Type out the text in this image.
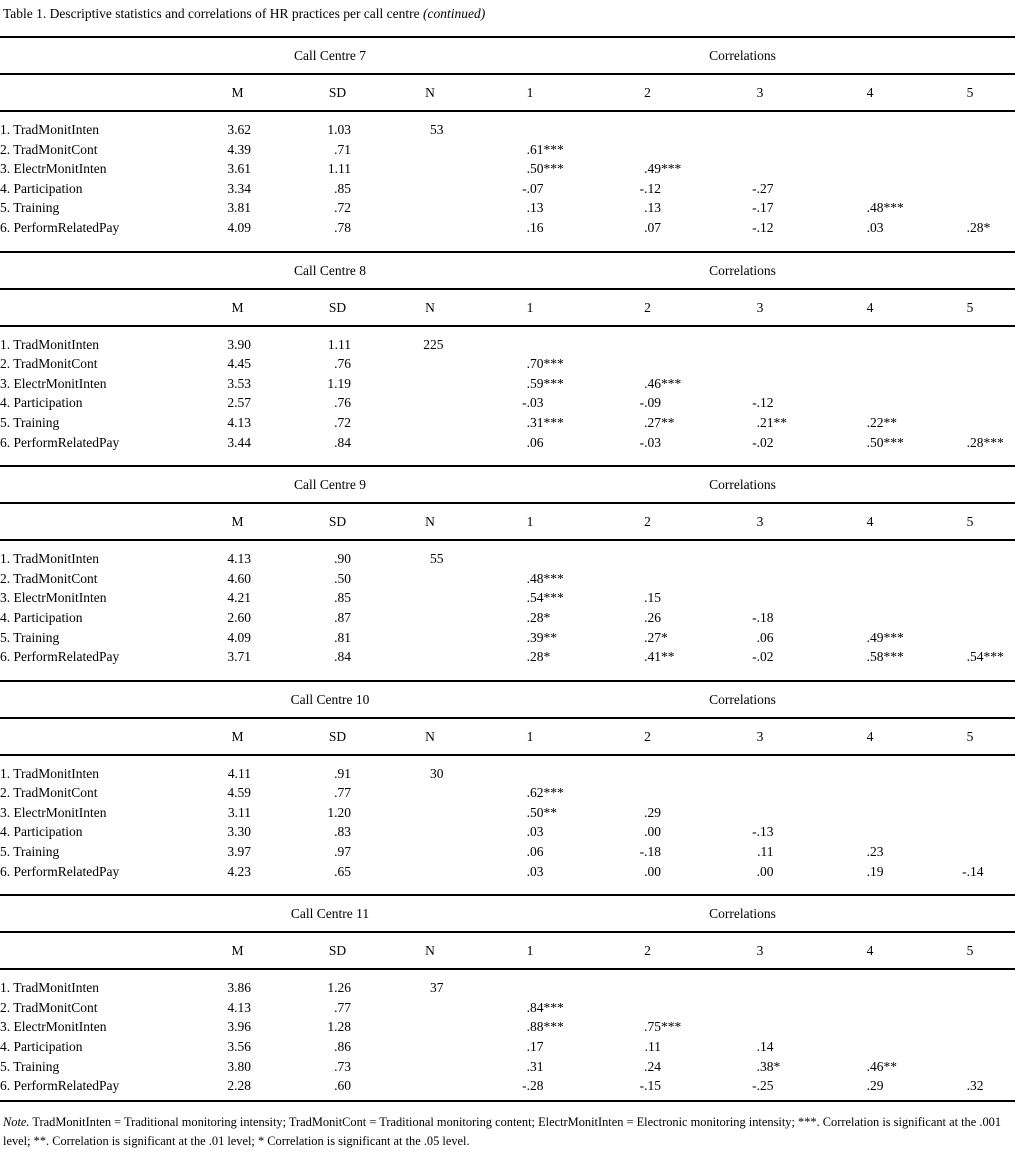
Table 1. Descriptive statistics and correlations of HR practices per call centre (continued)
	Call Centre 7			Correlations				
	M	SD	N	1	2	3	4	5
1. TradMonitInten	3.62	1.03	53					
2. TradMonitCont	4.39	.71		.61***				
3. ElectrMonitInten	3.61	1.11		.50***	.49***			
4. Participation	3.34	.85		-.07	-.12	-.27		
5. Training	3.81	.72		.13	.13	-.17	.48***	
6. PerformRelatedPay	4.09	.78		.16	.07	-.12	.03	.28*
	Call Centre 8			Correlations				
	M	SD	N	1	2	3	4	5
1. TradMonitInten	3.90	1.11	225					
2. TradMonitCont	4.45	.76		.70***				
3. ElectrMonitInten	3.53	1.19		.59***	.46***			
4. Participation	2.57	.76		-.03	-.09	-.12		
5. Training	4.13	.72		.31***	.27**	.21**	.22**	
6. PerformRelatedPay	3.44	.84		.06	-.03	-.02	.50***	.28***
	Call Centre 9			Correlations				
	M	SD	N	1	2	3	4	5
1. TradMonitInten	4.13	.90	55					
2. TradMonitCont	4.60	.50		.48***				
3. ElectrMonitInten	4.21	.85		.54***	.15			
4. Participation	2.60	.87		.28*	.26	-.18		
5. Training	4.09	.81		.39**	.27*	.06	.49***	
6. PerformRelatedPay	3.71	.84		.28*	.41**	-.02	.58***	.54***
	Call Centre 10			Correlations				
	M	SD	N	1	2	3	4	5
1. TradMonitInten	4.11	.91	30					
2. TradMonitCont	4.59	.77		.62***				
3. ElectrMonitInten	3.11	1.20		.50**	.29			
4. Participation	3.30	.83		.03	.00	-.13		
5. Training	3.97	.97		.06	-.18	.11	.23	
6. PerformRelatedPay	4.23	.65		.03	.00	.00	.19	-.14
	Call Centre 11			Correlations				
	M	SD	N	1	2	3	4	5
1. TradMonitInten	3.86	1.26	37					
2. TradMonitCont	4.13	.77		.84***				
3. ElectrMonitInten	3.96	1.28		.88***	.75***			
4. Participation	3.56	.86		.17	.11	.14		
5. Training	3.80	.73		.31	.24	.38*	.46**	
6. PerformRelatedPay	2.28	.60		-.28	-.15	-.25	.29	.32
Note. TradMonitInten = Traditional monitoring intensity; TradMonitCont = Traditional monitoring content; ElectrMonitInten = Electronic monitoring intensity; ***. Correlation is significant at the .001 level; **. Correlation is significant at the .01 level; * Correlation is significant at the .05 level.
